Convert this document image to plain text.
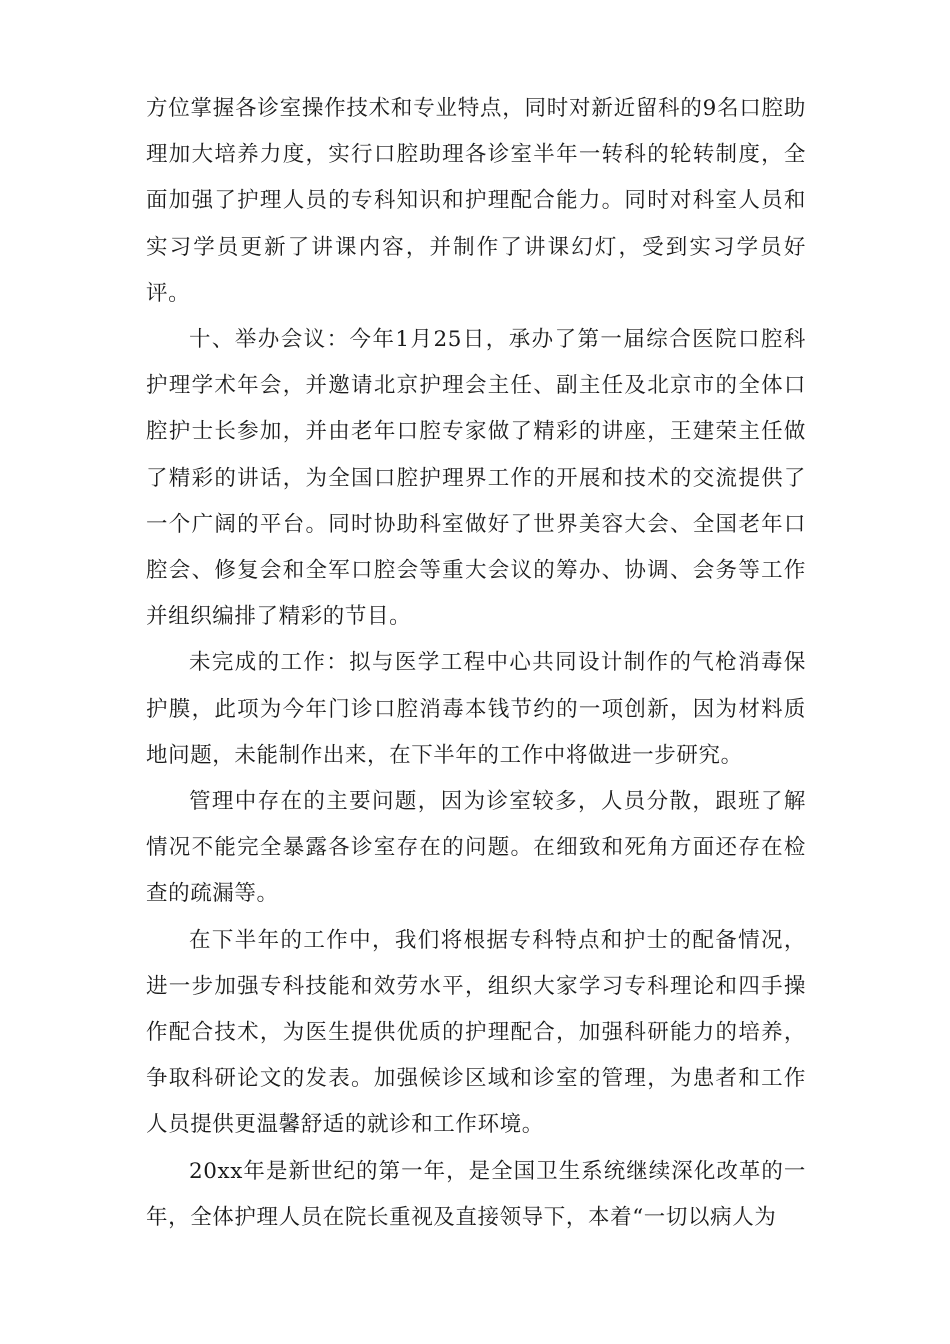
方位掌握各诊室操作技术和专业特点，同时对新近留科的9名口腔助理加大培养力度，实行口腔助理各诊室半年一转科的轮转制度，全面加强了护理人员的专科知识和护理配合能力。同时对科室人员和实习学员更新了讲课内容，并制作了讲课幻灯，受到实习学员好评。

十、举办会议：今年1月25日，承办了第一届综合医院口腔科护理学术年会，并邀请北京护理会主任、副主任及北京市的全体口腔护士长参加，并由老年口腔专家做了精彩的讲座，王建荣主任做了精彩的讲话，为全国口腔护理界工作的开展和技术的交流提供了一个广阔的平台。同时协助科室做好了世界美容大会、全国老年口腔会、修复会和全军口腔会等重大会议的筹办、协调、会务等工作并组织编排了精彩的节目。

未完成的工作：拟与医学工程中心共同设计制作的气枪消毒保护膜，此项为今年门诊口腔消毒本钱节约的一项创新，因为材料质地问题，未能制作出来，在下半年的工作中将做进一步研究。

管理中存在的主要问题，因为诊室较多，人员分散，跟班了解情况不能完全暴露各诊室存在的问题。在细致和死角方面还存在检查的疏漏等。

在下半年的工作中，我们将根据专科特点和护士的配备情况，进一步加强专科技能和效劳水平，组织大家学习专科理论和四手操作配合技术，为医生提供优质的护理配合，加强科研能力的培养，争取科研论文的发表。加强候诊区域和诊室的管理，为患者和工作人员提供更温馨舒适的就诊和工作环境。

20xx年是新世纪的第一年，是全国卫生系统继续深化改革的一年，全体护理人员在院长重视及直接领导下，本着“一切以病人为
